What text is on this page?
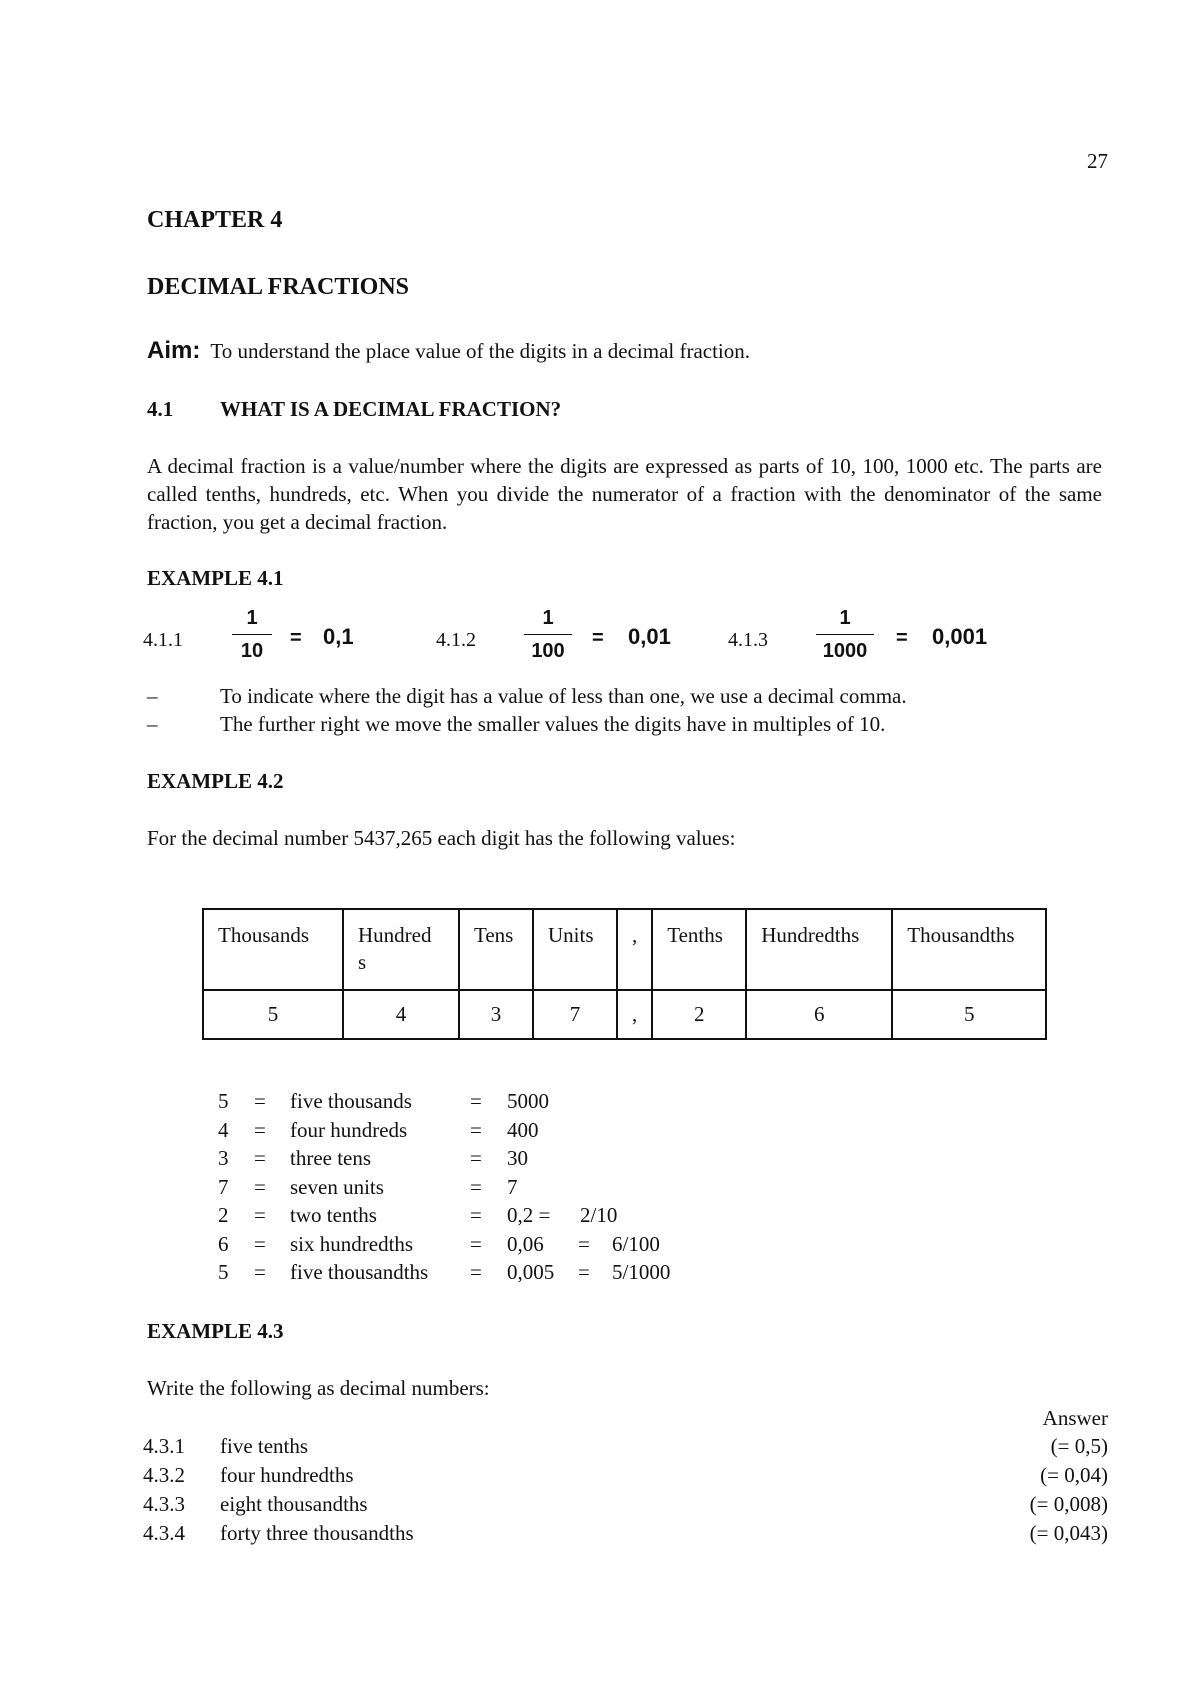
27
CHAPTER 4
DECIMAL FRACTIONS
Aim: To understand the place value of the digits in a decimal fraction.
4.1 WHAT IS A DECIMAL FRACTION?
A decimal fraction is a value/number where the digits are expressed as parts of 10, 100, 1000 etc. The parts are called tenths, hundreds, etc. When you divide the numerator of a fraction with the denominator of the same fraction, you get a decimal fraction.
EXAMPLE 4.1
4.1.1
1
10
= 0,1	4.1.2
1
100
= 0,01	4.1.3
1
1000
= 0,001
–	To indicate where the digit has a value of less than one, we use a decimal comma.
–	The further right we move the smaller values the digits have in multiples of 10.
EXAMPLE 4.2
For the decimal number 5437,265 each digit has the following values:
Thousands	Hundred s	Tens	Units	,	Tenths	Hundredths	Thousandths
5	4	3	7	,	2	6	5
5 = five thousands	= 5000
4 = four hundreds	= 400
3 = three tens	= 30
7 = seven units	= 7
2 = two tenths	= 0,2 = 2/10
6 = six hundredths	= 0,06 = 6/100
5 = five thousandths = 0,005 = 5/1000
EXAMPLE 4.3
Write the following as decimal numbers:
Answer
4.3.1 five tenths	(= 0,5)
4.3.2 four hundredths	(= 0,04)
4.3.3 eight thousandths	(= 0,008)
4.3.4 forty three thousandths	(= 0,043)
